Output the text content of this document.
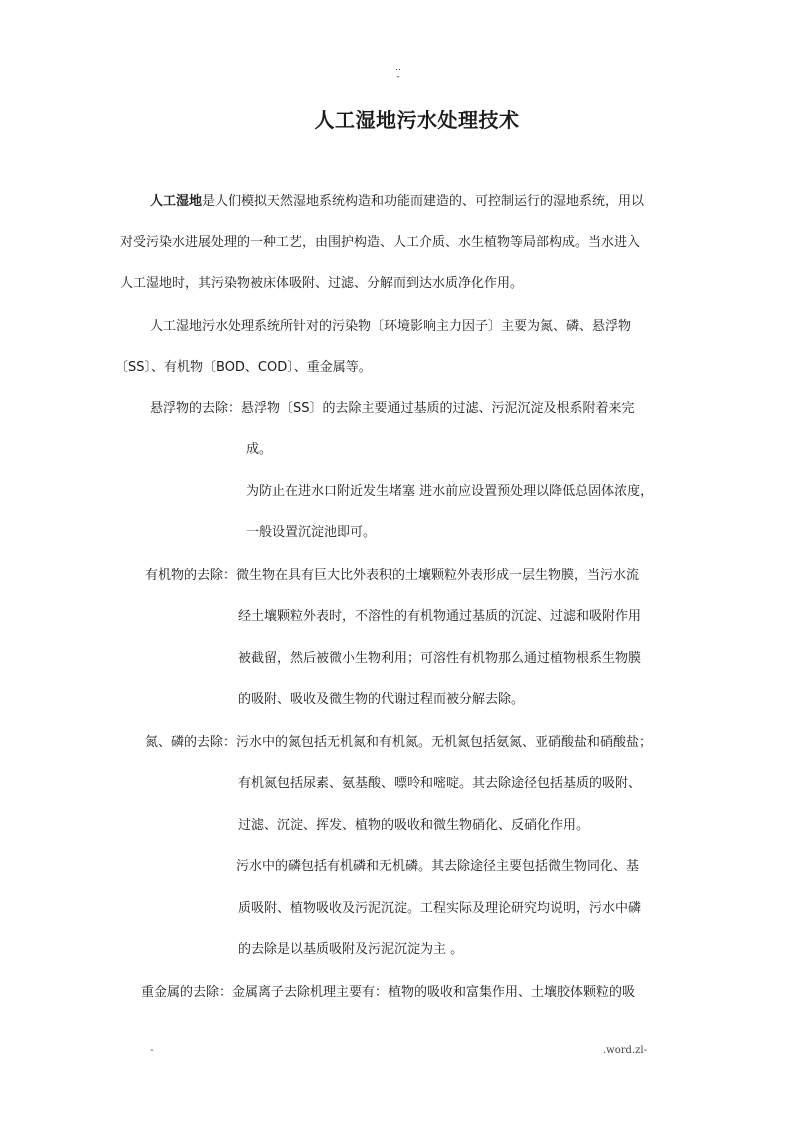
..
-
人工湿地污水处理技术
人工湿地是人们模拟天然湿地系统构造和功能而建造的、可控制运行的湿地系统，用以
对受污染水进展处理的一种工艺，由围护构造、人工介质、水生植物等局部构成。当水进入
人工湿地时，其污染物被床体吸附、过滤、分解而到达水质净化作用。
人工湿地污水处理系统所针对的污染物〔环境影响主力因子〕主要为氮、磷、悬浮物
〔SS〕、有机物〔BOD、COD〕、重金属等。
悬浮物的去除：悬浮物〔SS〕的去除主要通过基质的过滤、污泥沉淀及根系附着来完
成。
为防止在进水口附近发生堵塞 进水前应设置预处理以降低总固体浓度，
一般设置沉淀池即可。
有机物的去除：微生物在具有巨大比外表积的土壤颗粒外表形成一层生物膜，当污水流
经土壤颗粒外表时，不溶性的有机物通过基质的沉淀、过滤和吸附作用
被截留，然后被微小生物利用；可溶性有机物那么通过植物根系生物膜
的吸附、吸收及微生物的代谢过程而被分解去除。
氮、磷的去除：污水中的氮包括无机氮和有机氮。无机氮包括氨氮、亚硝酸盐和硝酸盐；
有机氮包括尿素、氨基酸、嘌呤和嘧啶。其去除途径包括基质的吸附、
过滤、沉淀、挥发、植物的吸收和微生物硝化、反硝化作用。
污水中的磷包括有机磷和无机磷。其去除途径主要包括微生物同化、基
质吸附、植物吸收及污泥沉淀。工程实际及理论研究均说明，污水中磷
的去除是以基质吸附及污泥沉淀为主 。
重金属的去除：金属离子去除机理主要有：植物的吸收和富集作用、土壤胶体颗粒的吸
-	.word.zl-
